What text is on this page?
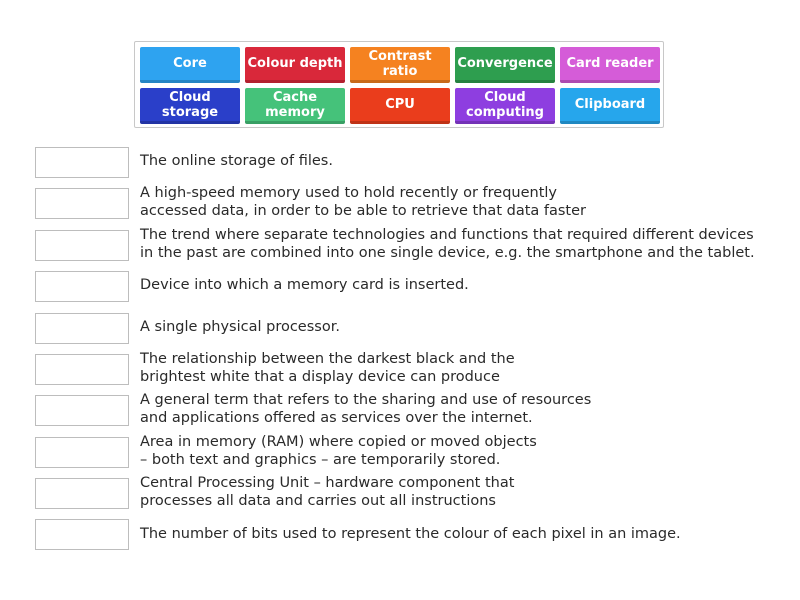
Core	Colour depth	Contrast
ratio	Convergence	Card reader
Cloud
storage
Cache
memory	CPU	Cloud
computing	Clipboard
The online storage of files.
A high-speed memory used to hold recently or frequently
accessed data, in order to be able to retrieve that data faster
The trend where separate technologies and functions that required different devices
in the past are combined into one single device, e.g. the smartphone and the tablet.
Device into which a memory card is inserted.
A single physical processor.
The relationship between the darkest black and the
brightest white that a display device can produce
A general term that refers to the sharing and use of resources
and applications offered as services over the internet.
Area in memory (RAM) where copied or moved objects
– both text and graphics – are temporarily stored.
Central Processing Unit – hardware component that
processes all data and carries out all instructions
The number of bits used to represent the colour of each pixel in an image.
